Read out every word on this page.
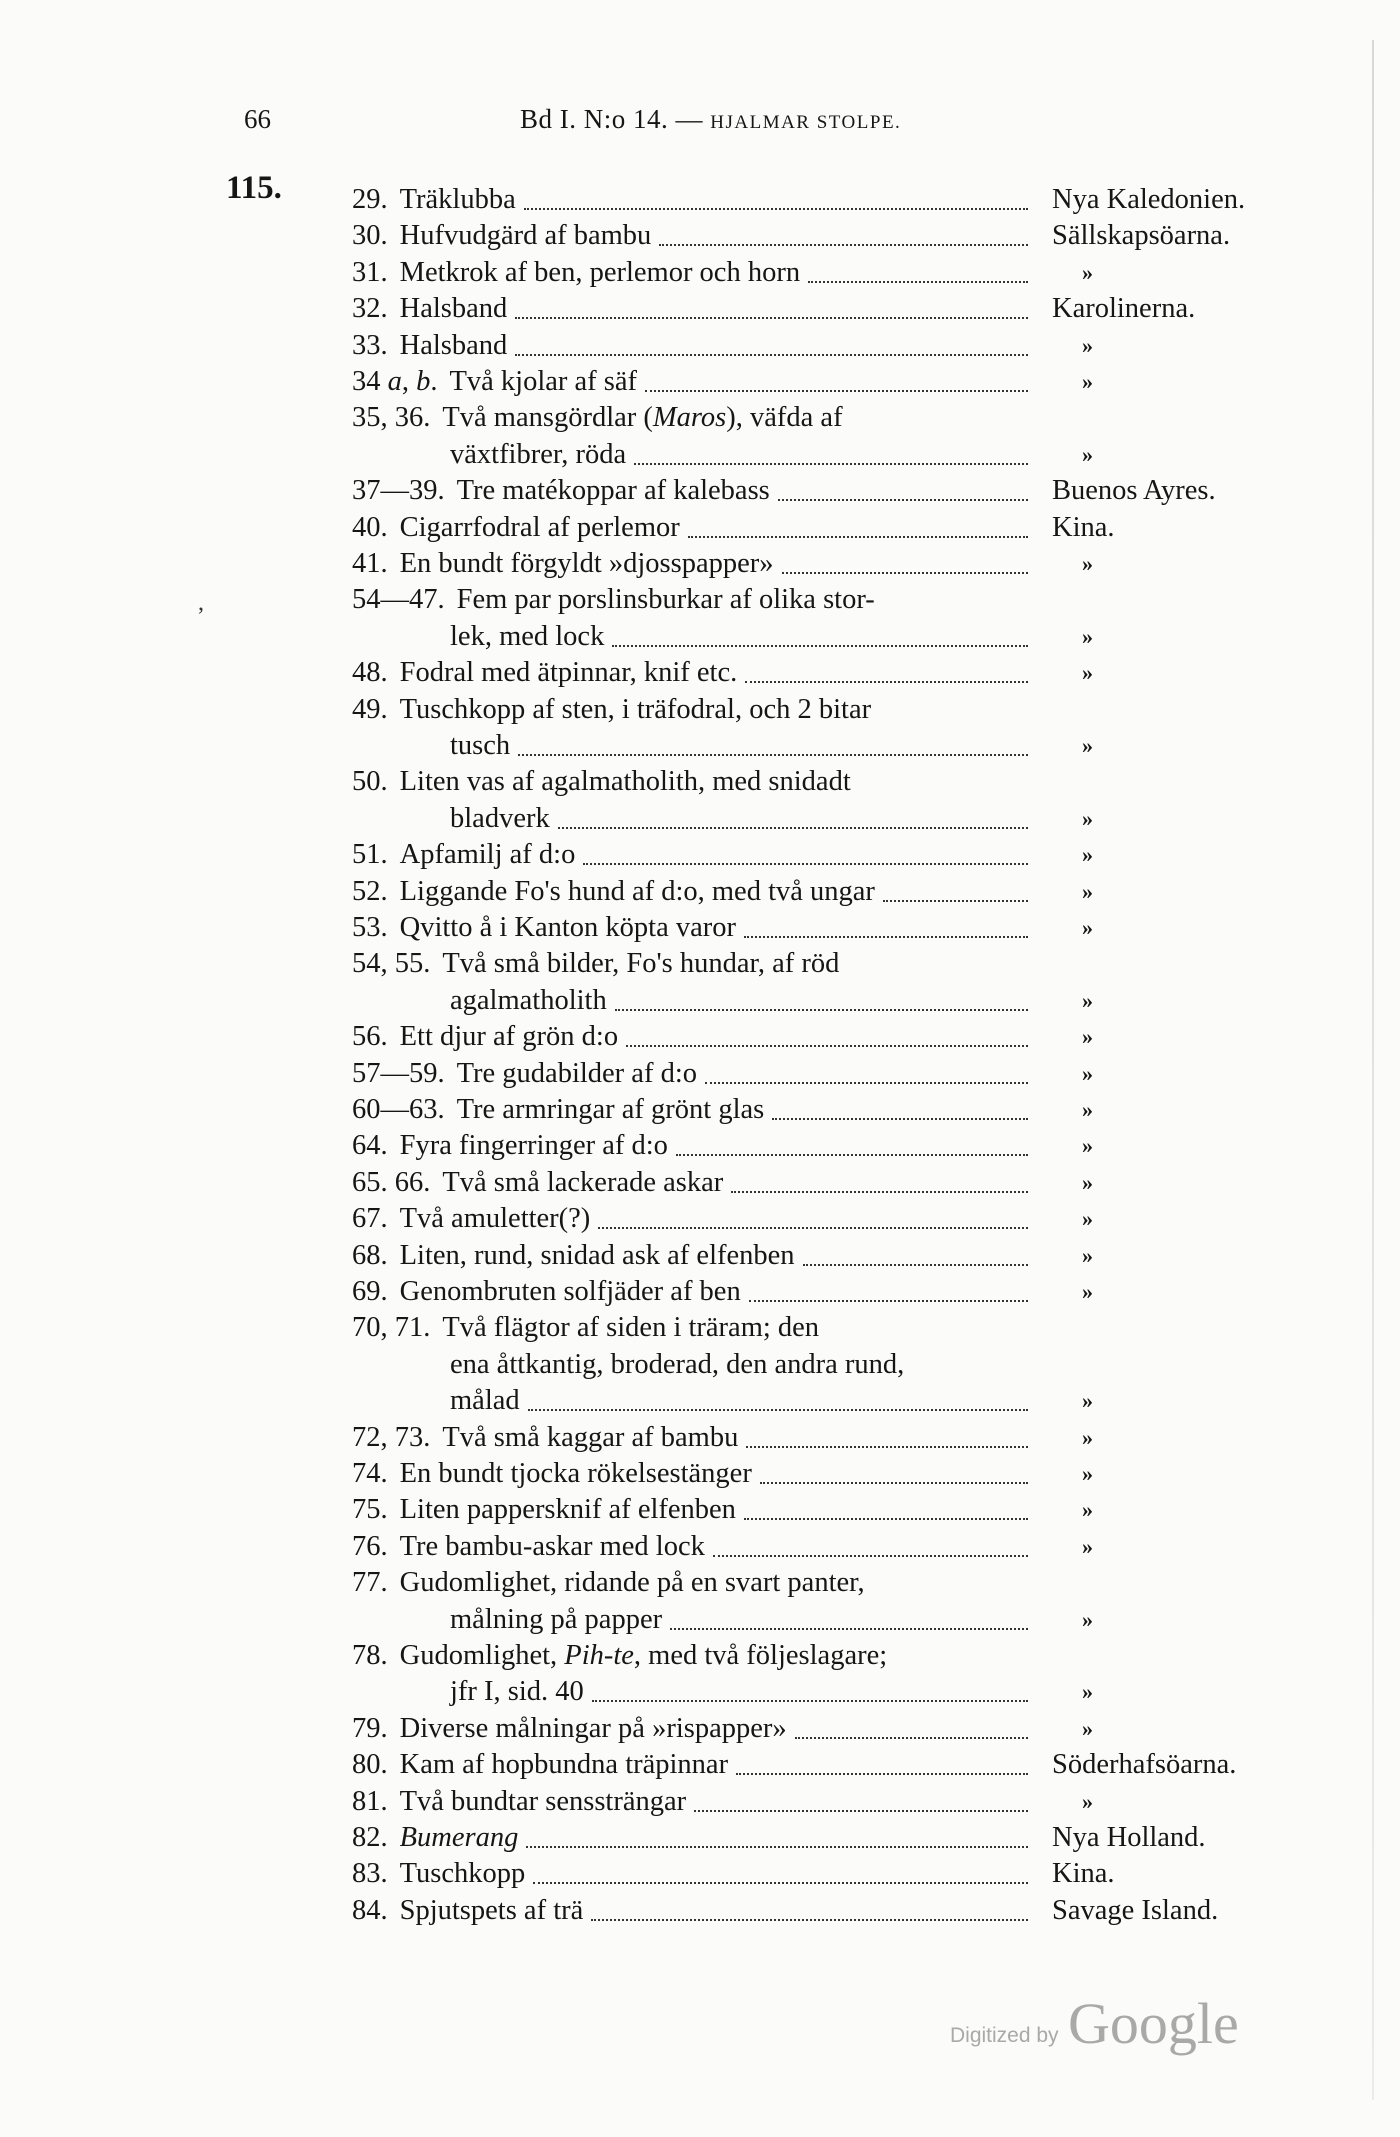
66	Bd I. N:o 14. — HJALMAR STOLPE.
115. 29. Träklubba	Nya Kaledonien.
30. Hufvudgärd af bambu	Sällskapsöarna.
31. Metkrok af ben, perlemor och horn	»
32. Halsband	Karolinerna.
33. Halsband	»
34 a, b. Två kjolar af säf	»
35, 36. Två mansgördlar (Maros), väfda af
växtfibrer, röda	»
37—39. Tre matékoppar af kalebass	Buenos Ayres.
40. Cigarrfodral af perlemor	Kina.
41. En bundt förgyldt »djosspapper»	»
54—47. Fem par porslinsburkar af olika stor-
lek, med lock	»
48. Fodral med ätpinnar, knif etc.	»
49. Tuschkopp af sten, i träfodral, och 2 bitar
tusch	»
50. Liten vas af agalmatholith, med snidadt
bladverk	»
51. Apfamilj af d:o	»
52. Liggande Fo's hund af d:o, med två ungar	»
53. Qvitto å i Kanton köpta varor	»
54, 55. Två små bilder, Fo's hundar, af röd
agalmatholith	»
56. Ett djur af grön d:o	»
57—59. Tre gudabilder af d:o	»
60—63. Tre armringar af grönt glas	»
64. Fyra fingerringer af d:o	»
65. 66. Två små lackerade askar	»
67. Två amuletter(?)	»
68. Liten, rund, snidad ask af elfenben	»
69. Genombruten solfjäder af ben	»
70, 71. Två flägtor af siden i träram; den
ena åttkantig, broderad, den andra rund,
målad	»
72, 73. Två små kaggar af bambu	»
74. En bundt tjocka rökelsestänger	»
75. Liten pappersknif af elfenben	»
76. Tre bambu-askar med lock	»
77. Gudomlighet, ridande på en svart panter,
målning på papper	»
78. Gudomlighet, Pih-te, med två följeslagare;
jfr I, sid. 40	»
79. Diverse målningar på »rispapper»	»
80. Kam af hopbundna träpinnar	Söderhafsöarna.
81. Två bundtar senssträngar	»
82. Bumerang	Nya Holland.
83. Tuschkopp	Kina.
84. Spjutspets af trä	Savage Island.
,
Digitized by Google
